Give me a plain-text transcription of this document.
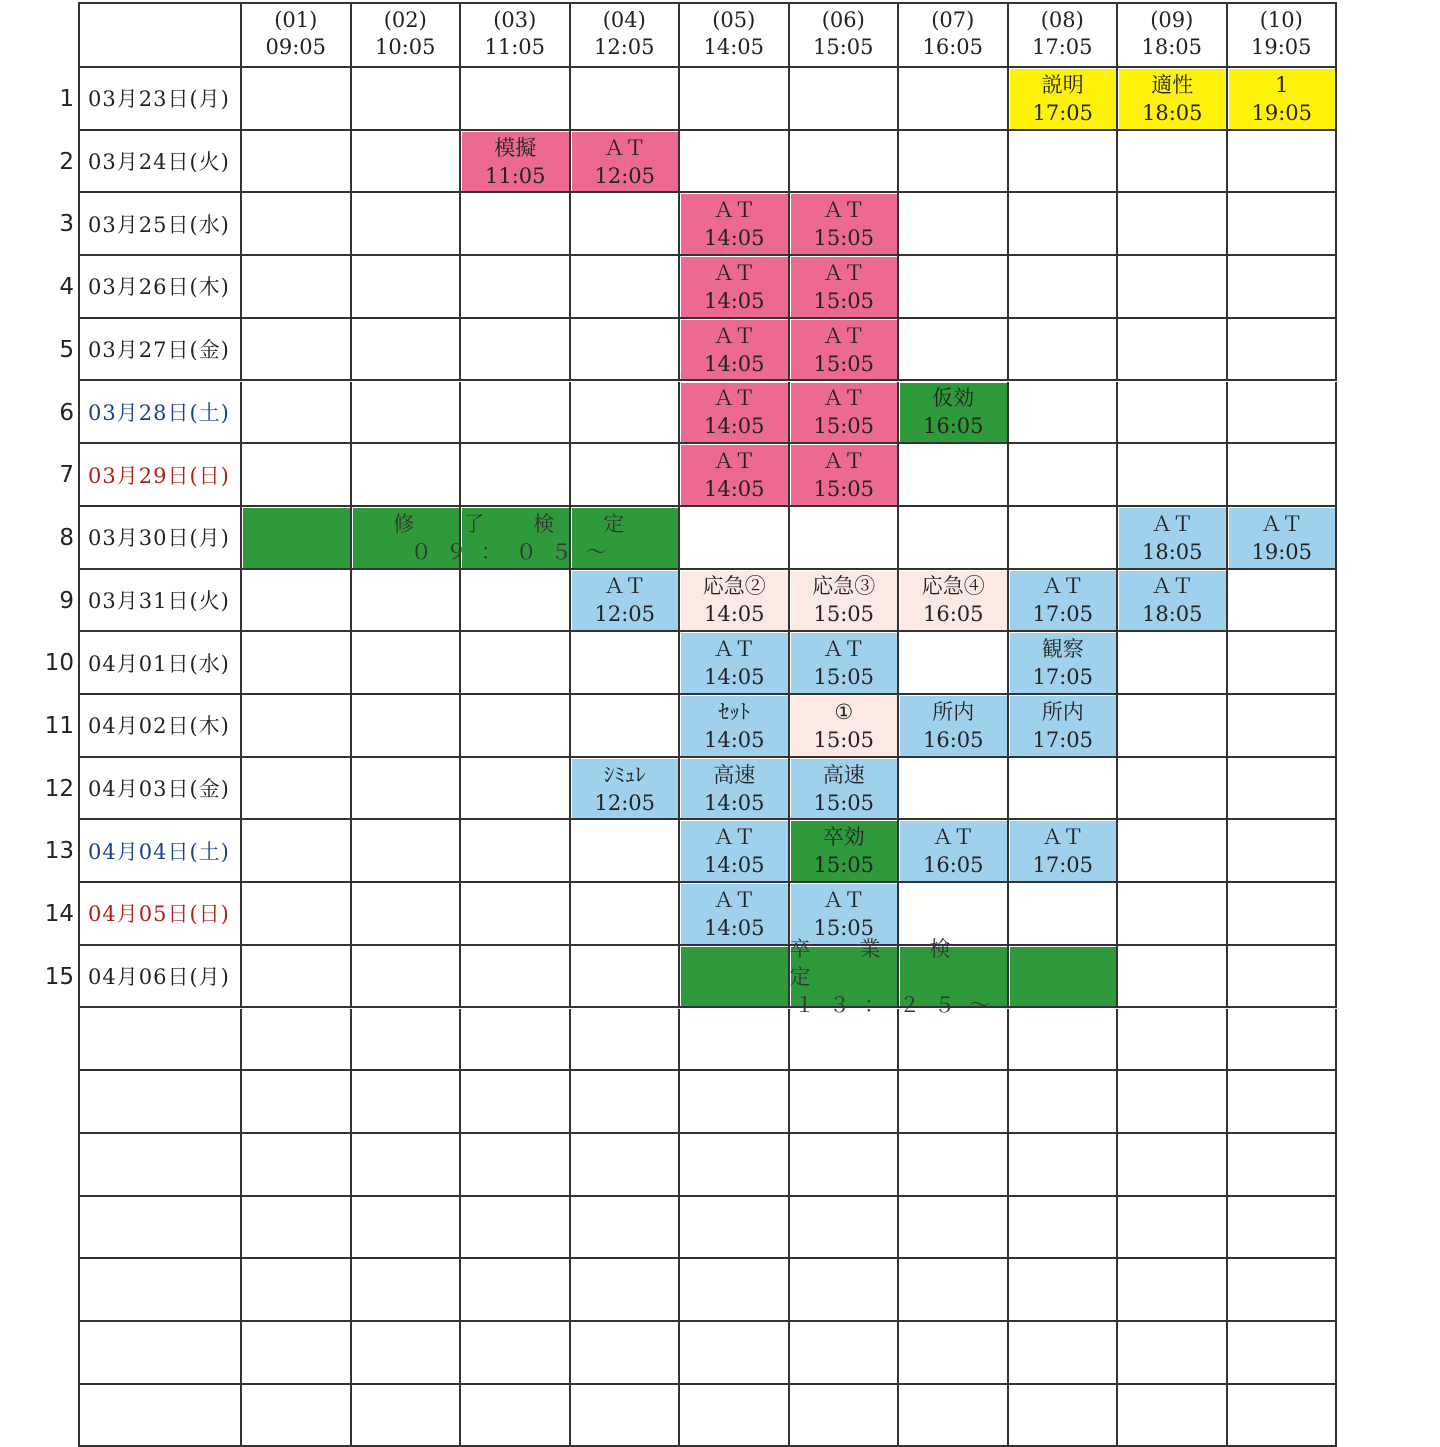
(01)
09:05
(02)
10:05
(03)
11:05
(04)
12:05
(05)
14:05
(06)
15:05
(07)
16:05
(08)
17:05
(09)
18:05
(10)
19:05
1 03月23日(月)
2 03月24日(火)
3 03月25日(水)
4 03月26日(木)
5 03月27日(金)
6 03月28日(土)
7 03月29日(日)
8 03月30日(月)
9 03月31日(火)
10 04月01日(水)
11 04月02日(木)
12 04月03日(金)
13 04月04日(土)
14 04月05日(日)
15 04月06日(月)
説明
17:05
適性
18:05
1
19:05
模擬
11:05
ＡＴ
12:05
ＡＴ
14:05
ＡＴ
15:05
ＡＴ
14:05
ＡＴ
15:05
ＡＴ
14:05
ＡＴ
15:05
ＡＴ
14:05
ＡＴ
15:05
仮効
16:05
ＡＴ
14:05
ＡＴ
15:05
ＡＴ
18:05
ＡＴ
19:05
ＡＴ
12:05
応急②
14:05
応急③
15:05
応急④
16:05
ＡＴ
17:05
ＡＴ
18:05
ＡＴ
14:05
ＡＴ
15:05
観察
17:05
ｾｯﾄ
14:05
①
15:05
所内
16:05
所内
17:05
ｼﾐｭﾚ
12:05
高速
14:05
高速
15:05
ＡＴ
14:05
卒効
15:05
ＡＴ
16:05
ＡＴ
17:05
ＡＴ
14:05
ＡＴ
15:05
修　了　検　定
０９：０５～
卒　業　検　定
１３：２５～
